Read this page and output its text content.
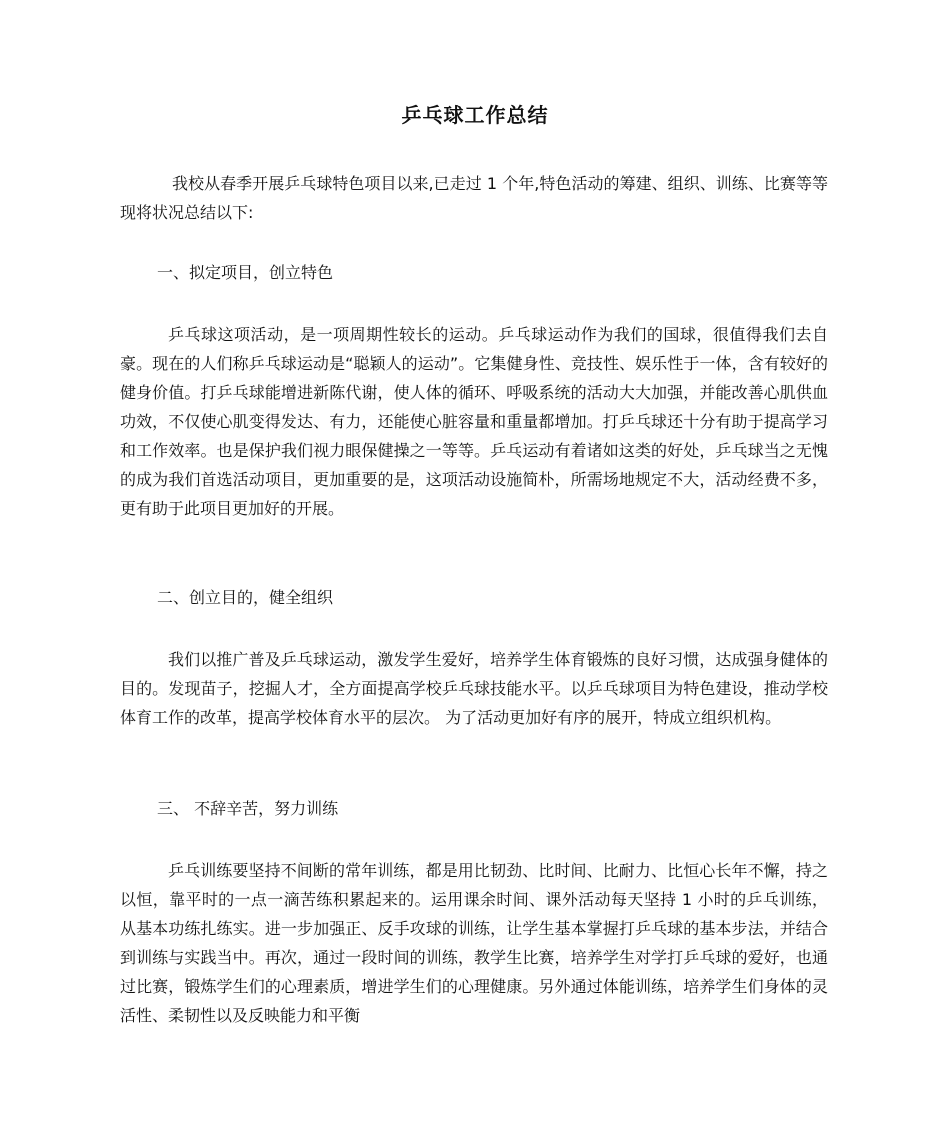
乒乓球工作总结

我校从春季开展乒乓球特色项目以来,已走过 1 个年,特色活动的筹建、组织、训练、比赛等等现将状况总结以下:

一、拟定项目，创立特色

乒乓球这项活动，是一项周期性较长的运动。乒乓球运动作为我们的国球，很值得我们去自豪。现在的人们称乒乓球运动是“聪颖人的运动”。它集健身性、竞技性、娱乐性于一体，含有较好的健身价值。打乒乓球能增进新陈代谢，使人体的循环、呼吸系统的活动大大加强，并能改善心肌供血功效，不仅使心肌变得发达、有力，还能使心脏容量和重量都增加。打乒乓球还十分有助于提高学习和工作效率。也是保护我们视力眼保健操之一等等。乒乓运动有着诸如这类的好处，乒乓球当之无愧的成为我们首选活动项目，更加重要的是，这项活动设施简朴，所需场地规定不大，活动经费不多，更有助于此项目更加好的开展。

二、创立目的，健全组织

我们以推广普及乒乓球运动，激发学生爱好，培养学生体育锻炼的良好习惯，达成强身健体的目的。发现苗子，挖掘人才，全方面提高学校乒乓球技能水平。以乒乓球项目为特色建设，推动学校体育工作的改革，提高学校体育水平的层次。 为了活动更加好有序的展开，特成立组织机构。

三、 不辞辛苦，努力训练

乒乓训练要坚持不间断的常年训练，都是用比韧劲、比时间、比耐力、比恒心长年不懈，持之以恒，靠平时的一点一滴苦练积累起来的。运用课余时间、课外活动每天坚持 1 小时的乒乓训练，从基本功练扎练实。进一步加强正、反手攻球的训练，让学生基本掌握打乒乓球的基本步法，并结合到训练与实践当中。再次，通过一段时间的训练，教学生比赛，培养学生对学打乒乓球的爱好，也通过比赛，锻炼学生们的心理素质，增进学生们的心理健康。另外通过体能训练，培养学生们身体的灵活性、柔韧性以及反映能力和平衡
